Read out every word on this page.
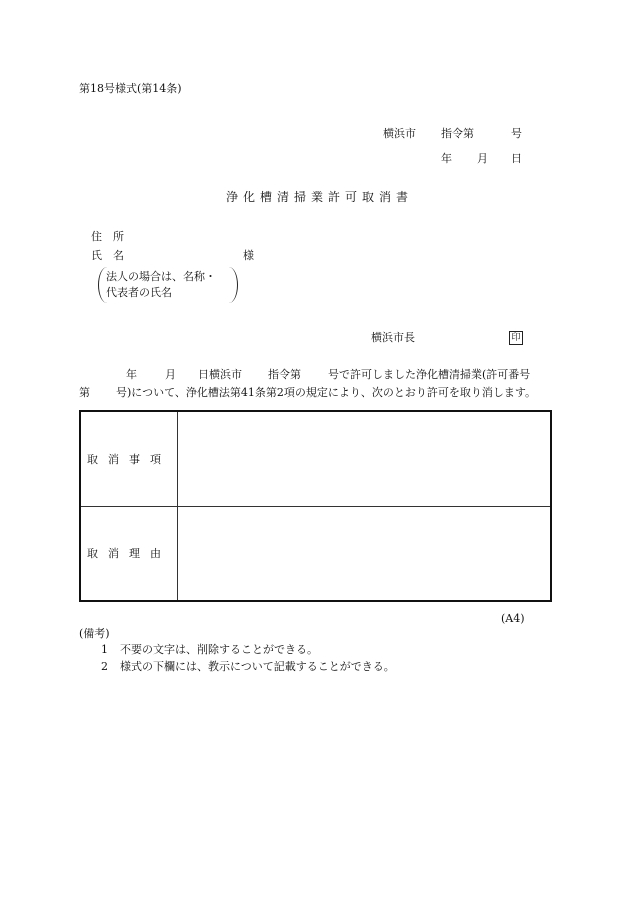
第18号様式(第14条)
横浜市 指令第	号
年 月 日
浄化槽清掃業許可取消書
住　所
氏　名	様
法人の場合は、名称・
代表者の氏名
横浜市長	印
年	月 日横浜市 指令第 号で許可しました浄化槽清掃業(許可番号
第 号)について、浄化槽法第41条第2項の規定により、次のとおり許可を取り消します。
取消事項	
取消理由	
(A4)
(備考)
1 不要の文字は、削除することができる。
2 様式の下欄には、教示について記載することができる。
